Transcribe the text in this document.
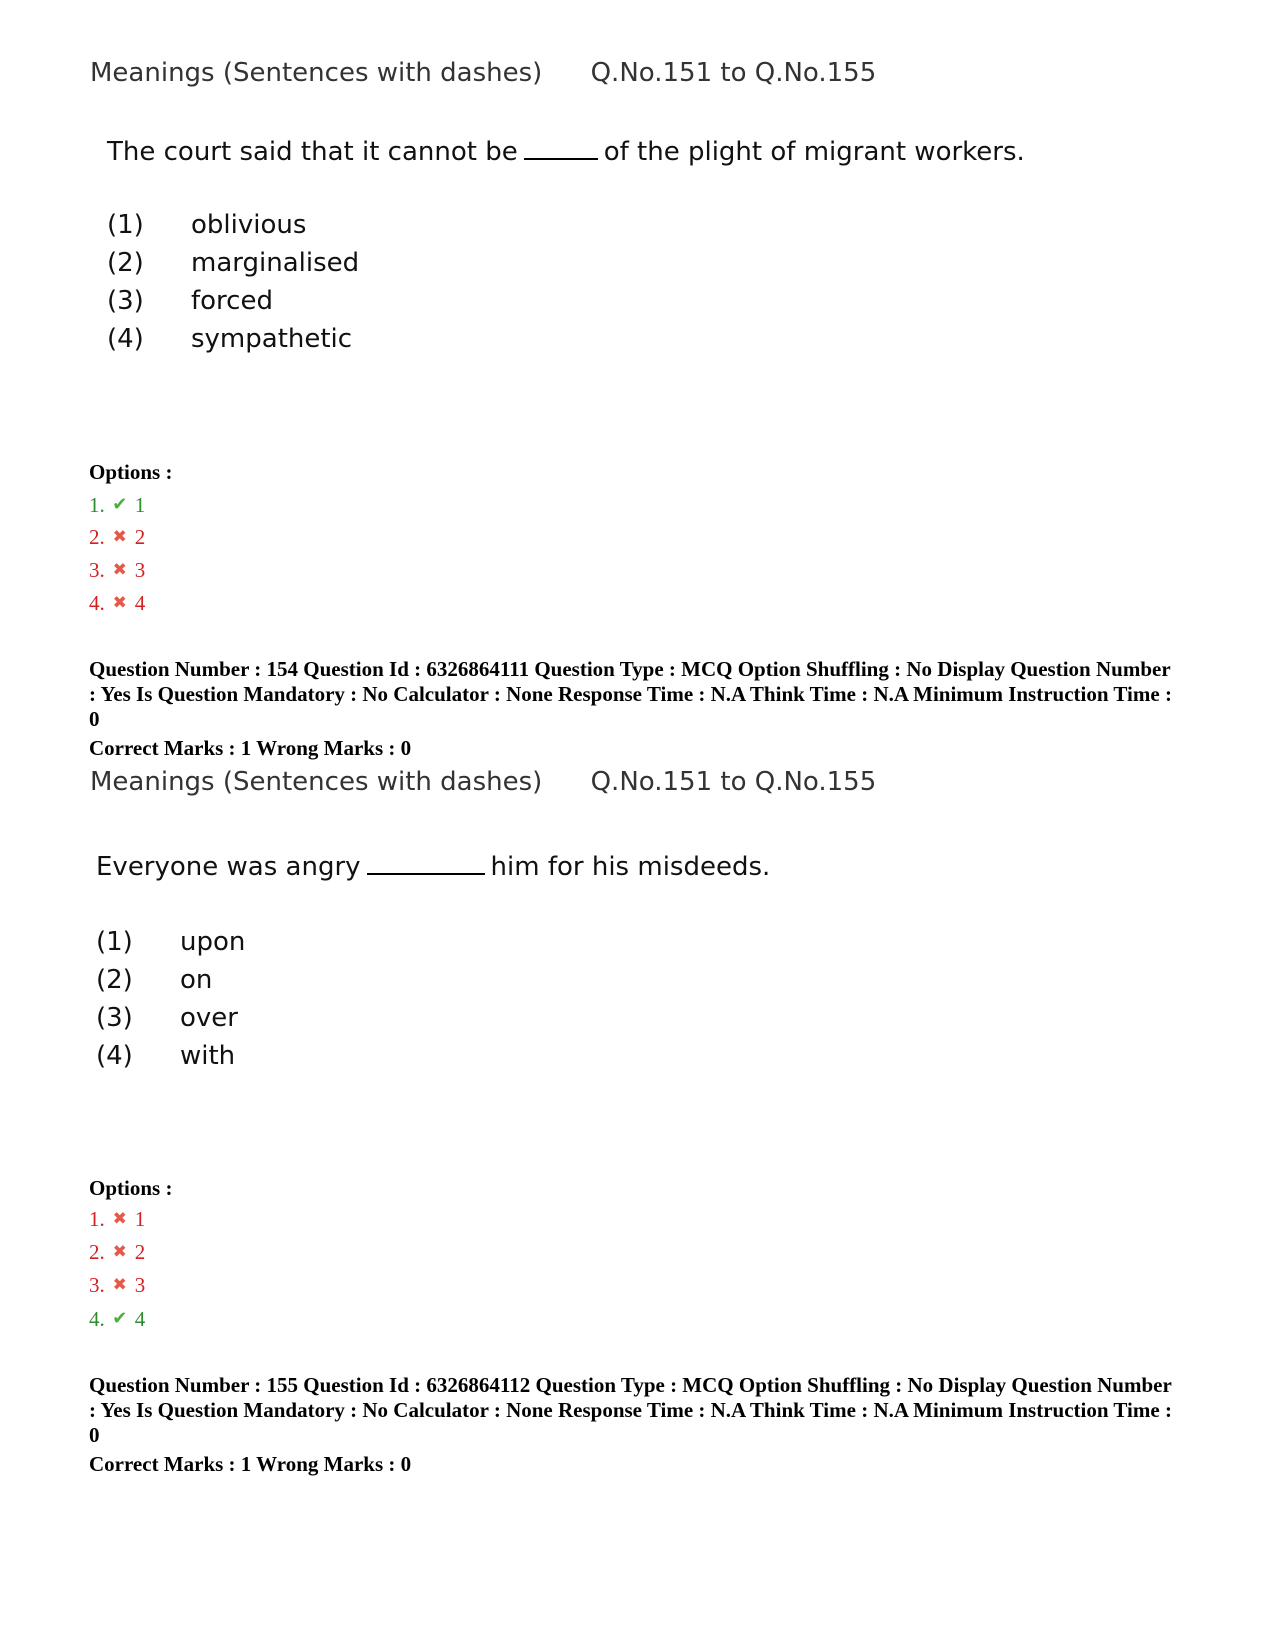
Meanings (Sentences with dashes) Q.No.151 to Q.No.155
The court said that it cannot be	of the plight of migrant workers.
(1) oblivious
(2) marginalised
(3) forced
(4) sympathetic
Options :
1. ✔ 1
2. ✖ 2
3. ✖ 3
4. ✖ 4
Question Number : 154 Question Id : 6326864111 Question Type : MCQ Option Shuffling : No Display Question Number : Yes Is Question Mandatory : No Calculator : None Response Time : N.A Think Time : N.A Minimum Instruction Time : 0
Correct Marks : 1 Wrong Marks : 0
Meanings (Sentences with dashes) Q.No.151 to Q.No.155
Everyone was angry	him for his misdeeds.
(1) upon
(2) on
(3) over
(4) with
Options :
1. ✖ 1
2. ✖ 2
3. ✖ 3
4. ✔ 4
Question Number : 155 Question Id : 6326864112 Question Type : MCQ Option Shuffling : No Display Question Number : Yes Is Question Mandatory : No Calculator : None Response Time : N.A Think Time : N.A Minimum Instruction Time : 0
Correct Marks : 1 Wrong Marks : 0
